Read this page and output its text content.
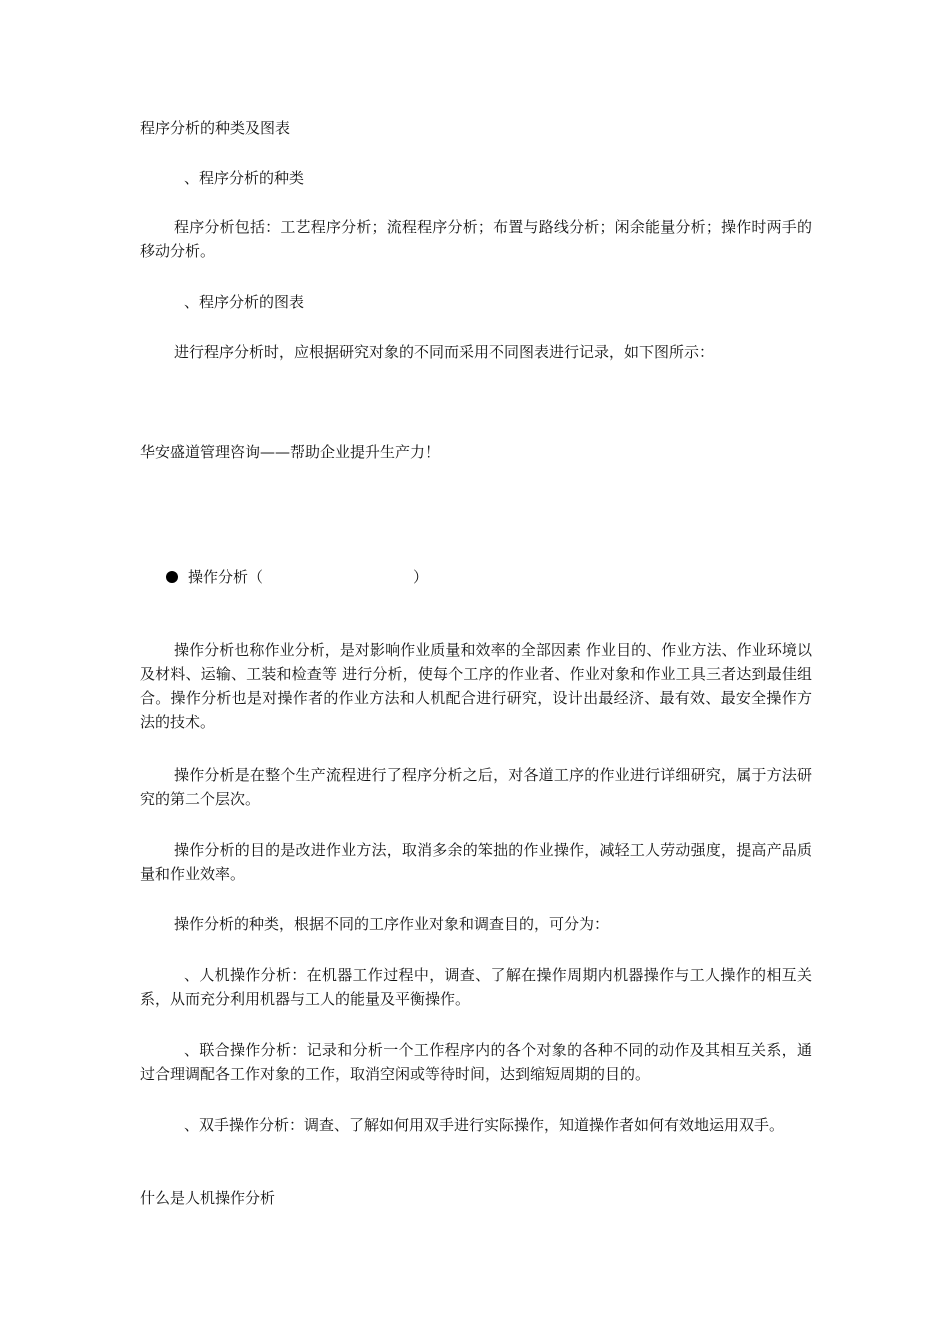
程序分析的种类及图表
、程序分析的种类
程序分析包括：工艺程序分析；流程程序分析；布置与路线分析；闲余能量分析；操作时两手的移动分析。
、程序分析的图表
进行程序分析时，应根据研究对象的不同而采用不同图表进行记录，如下图所示：
华安盛道管理咨询——帮助企业提升生产力！
操作分析（	）
操作分析也称作业分析，是对影响作业质量和效率的全部因素 作业目的、作业方法、作业环境以及材料、运输、工装和检查等 进行分析，使每个工序的作业者、作业对象和作业工具三者达到最佳组合。操作分析也是对操作者的作业方法和人机配合进行研究，设计出最经济、最有效、最安全操作方法的技术。
操作分析是在整个生产流程进行了程序分析之后，对各道工序的作业进行详细研究，属于方法研究的第二个层次。
操作分析的目的是改进作业方法，取消多余的笨拙的作业操作，减轻工人劳动强度，提高产品质量和作业效率。
操作分析的种类，根据不同的工序作业对象和调查目的，可分为：
、人机操作分析：在机器工作过程中，调查、了解在操作周期内机器操作与工人操作的相互关系，从而充分利用机器与工人的能量及平衡操作。
、联合操作分析：记录和分析一个工作程序内的各个对象的各种不同的动作及其相互关系，通过合理调配各工作对象的工作，取消空闲或等待时间，达到缩短周期的目的。
、双手操作分析：调查、了解如何用双手进行实际操作，知道操作者如何有效地运用双手。
什么是人机操作分析
